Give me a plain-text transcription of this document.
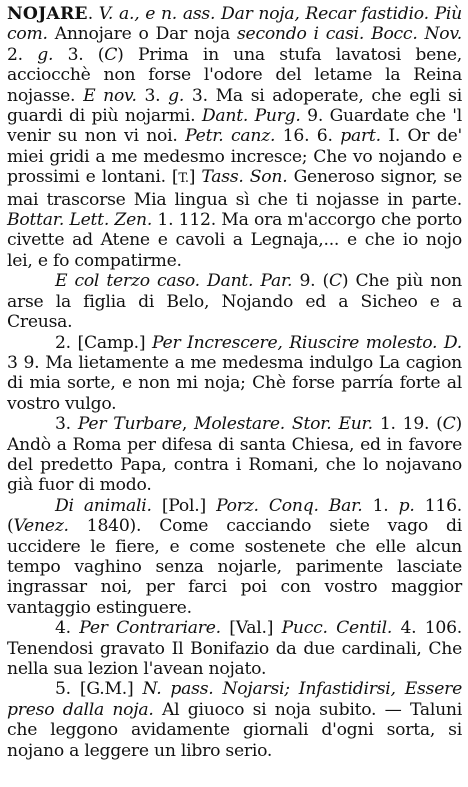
NOJARE. V. a., e n. ass. Dar noja, Recar fastidio. Più com. Annojare o Dar noja secondo i casi. Bocc. Nov. 2. g. 3. (C) Prima in una stufa lavatosi bene, acciocchè non forse l'odore del letame la Reina nojasse. E nov. 3. g. 3. Ma si adoperate, che egli si guardi di più nojarmi. Dant. Purg. 9. Guardate che 'l venir su non vi noi. Petr. canz. 16. 6. part. I. Or de' miei gridi a me medesmo incresce; Che vo nojando e prossimi e lontani. [T.] Tass. Son. Generoso signor, se mai trascorse Mia lingua sì che ti nojasse in parte. Bottar. Lett. Zen. 1. 112. Ma ora m'accorgo che porto civette ad Atene e cavoli a Legnaja,... e che io nojo lei, e fo compatirme.

E col terzo caso. Dant. Par. 9. (C) Che più non arse la figlia di Belo, Nojando ed a Sicheo e a Creusa.

2. [Camp.] Per Increscere, Riuscire molesto. D. 3 9. Ma lietamente a me medesma indulgo La cagion di mia sorte, e non mi noja; Chè forse parría forte al vostro vulgo.

3. Per Turbare, Molestare. Stor. Eur. 1. 19. (C) Andò a Roma per difesa di santa Chiesa, ed in favore del predetto Papa, contra i Romani, che lo nojavano già fuor di modo.

Di animali. [Pol.] Porz. Conq. Bar. 1. p. 116. (Venez. 1840). Come cacciando siete vago di uccidere le fiere, e come sostenete che elle alcun tempo vaghino senza nojarle, parimente lasciate ingrassar noi, per farci poi con vostro maggior vantaggio estinguere.

4. Per Contrariare. [Val.] Pucc. Centil. 4. 106. Tenendosi gravato Il Bonifazio da due cardinali, Che nella sua lezion l'avean nojato.

5. [G.M.] N. pass. Nojarsi; Infastidirsi, Essere preso dalla noja. Al giuoco si noja subito. — Taluni che leggono avidamente giornali d'ogni sorta, si nojano a leggere un libro serio.
